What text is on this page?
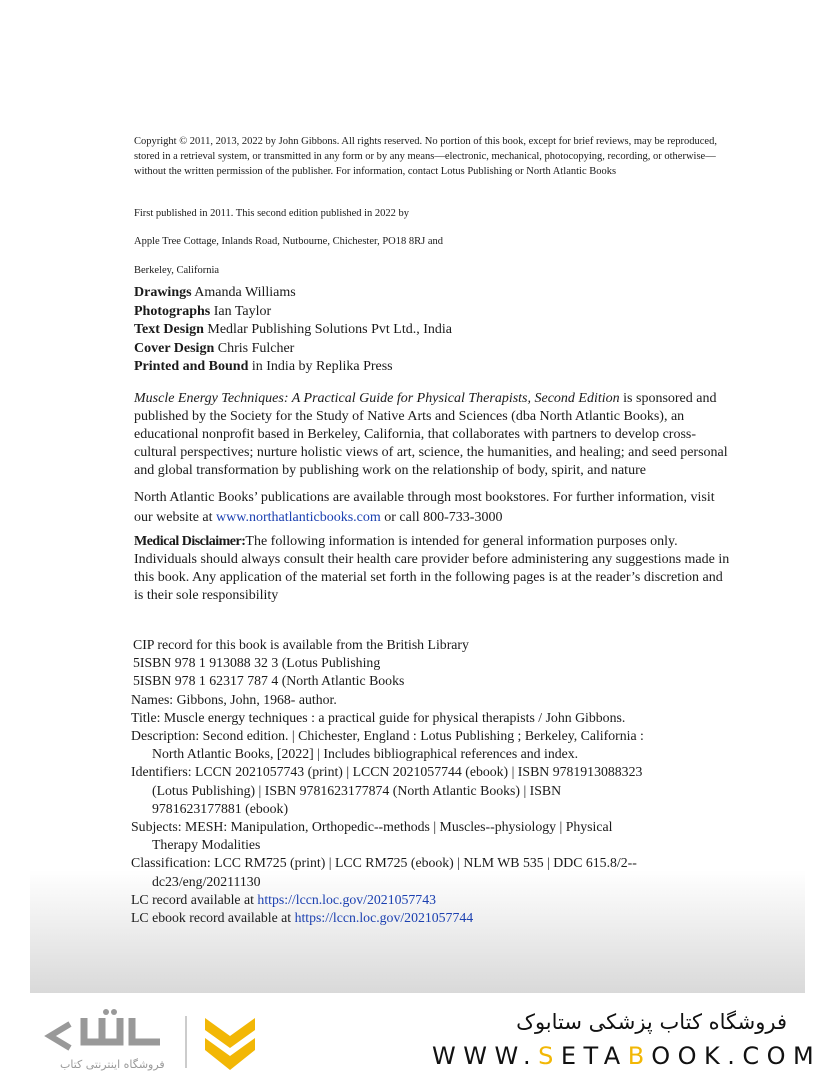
Copyright © 2011, 2013, 2022 by John Gibbons. All rights reserved. No portion of this book, except for brief reviews, may be reproduced, stored in a retrieval system, or transmitted in any form or by any means—electronic, mechanical, photocopying, recording, or otherwise—without the written permission of the publisher. For information, contact Lotus Publishing or North Atlantic Books
First published in 2011. This second edition published in 2022 by
Apple Tree Cottage, Inlands Road, Nutbourne, Chichester, PO18 8RJ and
Berkeley, California
Drawings Amanda Williams
Photographs Ian Taylor
Text Design Medlar Publishing Solutions Pvt Ltd., India
Cover Design Chris Fulcher
Printed and Bound in India by Replika Press
Muscle Energy Techniques: A Practical Guide for Physical Therapists, Second Edition is sponsored and published by the Society for the Study of Native Arts and Sciences (dba North Atlantic Books), an educational nonprofit based in Berkeley, California, that collaborates with partners to develop cross-cultural perspectives; nurture holistic views of art, science, the humanities, and healing; and seed personal and global transformation by publishing work on the relationship of body, spirit, and nature
North Atlantic Books’ publications are available through most bookstores. For further information, visit our website at www.northatlanticbooks.com or call 800-733-3000
Medical Disclaimer:The following information is intended for general information purposes only. Individuals should always consult their health care provider before administering any suggestions made in this book. Any application of the material set forth in the following pages is at the reader’s discretion and is their sole responsibility
CIP record for this book is available from the British Library
5ISBN 978 1 913088 32 3 (Lotus Publishing
5ISBN 978 1 62317 787 4 (North Atlantic Books
Names: Gibbons, John, 1968- author.
Title: Muscle energy techniques : a practical guide for physical therapists / John Gibbons.
Description: Second edition. | Chichester, England : Lotus Publishing ; Berkeley, California : North Atlantic Books, [2022] | Includes bibliographical references and index.
Identifiers: LCCN 2021057743 (print) | LCCN 2021057744 (ebook) | ISBN 9781913088323 (Lotus Publishing) | ISBN 9781623177874 (North Atlantic Books) | ISBN 9781623177881 (ebook)
Subjects: MESH: Manipulation, Orthopedic--methods | Muscles--physiology | Physical Therapy Modalities
Classification: LCC RM725 (print) | LCC RM725 (ebook) | NLM WB 535 | DDC 615.8/2--dc23/eng/20211130
LC record available at https://lccn.loc.gov/2021057743
LC ebook record available at https://lccn.loc.gov/2021057744
فروشگاه اینترنتی کتاب
فروشگاه کتاب پزشکی ستابوک
WWW.SETABOOK.COM
